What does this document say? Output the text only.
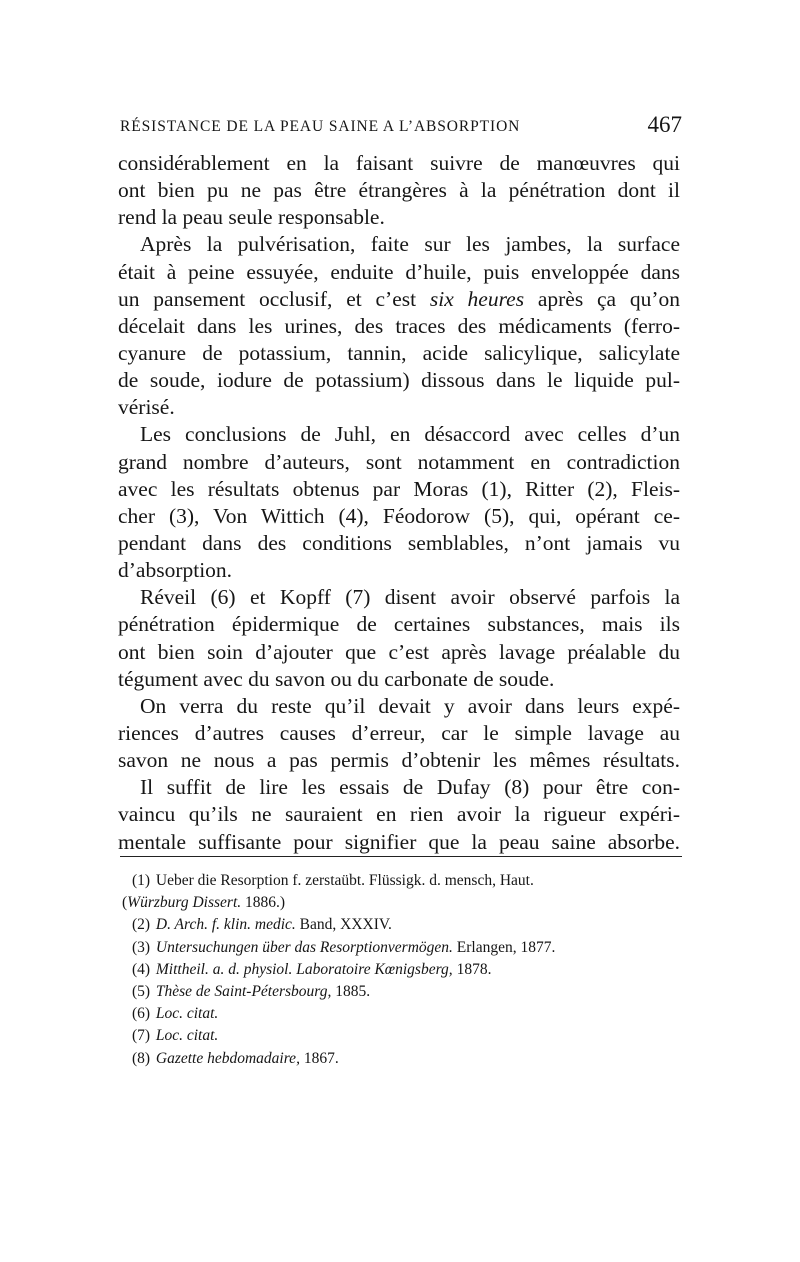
RÉSISTANCE DE LA PEAU SAINE A L’ABSORPTION	467
considérablement en la faisant suivre de manœuvres qui
ont bien pu ne pas être étrangères à la pénétration dont il
rend la peau seule responsable.
Après la pulvérisation, faite sur les jambes, la surface
était à peine essuyée, enduite d’huile, puis enveloppée dans
un pansement occlusif, et c’est six heures après ça qu’on
décelait dans les urines, des traces des médicaments (ferro-
cyanure de potassium, tannin, acide salicylique, salicylate
de soude, iodure de potassium) dissous dans le liquide pul-
vérisé.
Les conclusions de Juhl, en désaccord avec celles d’un
grand nombre d’auteurs, sont notamment en contradiction
avec les résultats obtenus par Moras (1), Ritter (2), Fleis-
cher (3), Von Wittich (4), Féodorow (5), qui, opérant ce-
pendant dans des conditions semblables, n’ont jamais vu
d’absorption.
Réveil (6) et Kopff (7) disent avoir observé parfois la
pénétration épidermique de certaines substances, mais ils
ont bien soin d’ajouter que c’est après lavage préalable du
tégument avec du savon ou du carbonate de soude.
On verra du reste qu’il devait y avoir dans leurs expé-
riences d’autres causes d’erreur, car le simple lavage au
savon ne nous a pas permis d’obtenir les mêmes résultats.
Il suffit de lire les essais de Dufay (8) pour être con-
vaincu qu’ils ne sauraient en rien avoir la rigueur expéri-
mentale suffisante pour signifier que la peau saine absorbe.
(1) Ueber die Resorption f. zerstaübt. Flüssigk. d. mensch, Haut.
(Würzburg Dissert. 1886.)
(2) D. Arch. f. klin. medic. Band, XXXIV.
(3) Untersuchungen über das Resorptionvermögen. Erlangen, 1877.
(4) Mittheil. a. d. physiol. Laboratoire Kœnigsberg, 1878.
(5) Thèse de Saint-Pétersbourg, 1885.
(6) Loc. citat.
(7) Loc. citat.
(8) Gazette hebdomadaire, 1867.
